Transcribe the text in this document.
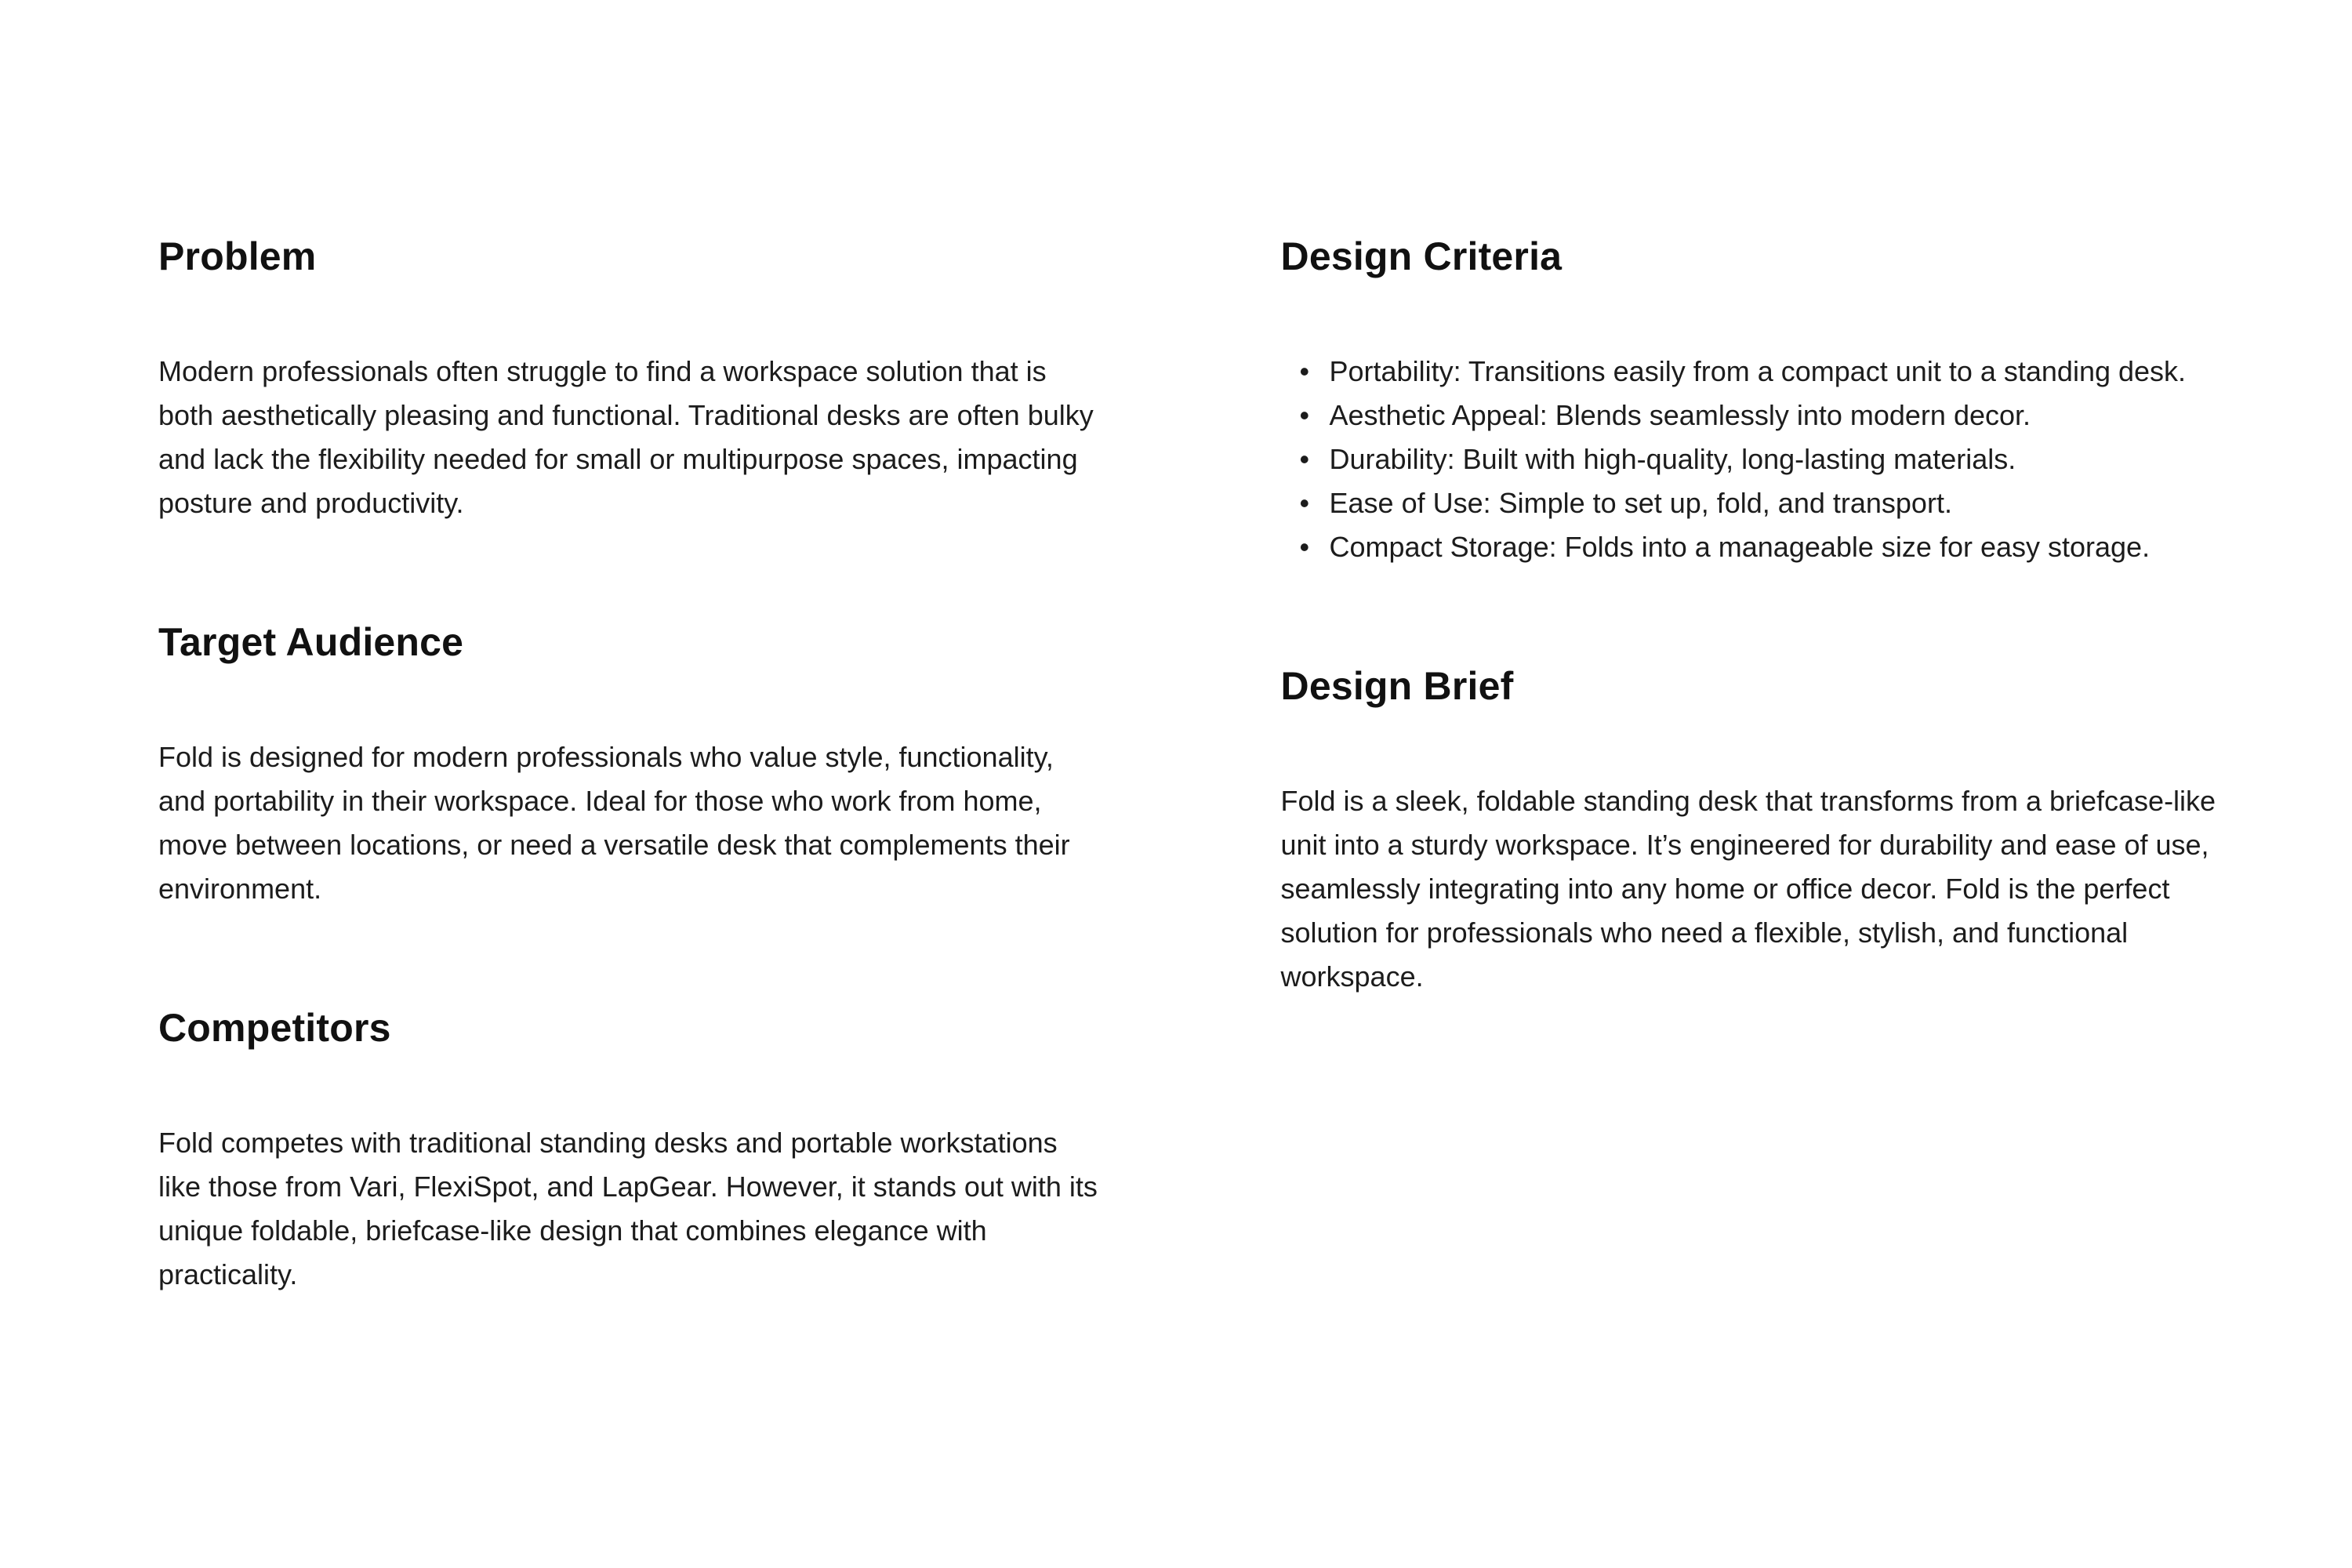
Problem

Modern professionals often struggle to find a workspace solution that is both aesthetically pleasing and functional. Traditional desks are often bulky and lack the flexibility needed for small or multipurpose spaces, impacting posture and productivity.

Target Audience

Fold is designed for modern professionals who value style, functionality, and portability in their workspace. Ideal for those who work from home, move between locations, or need a versatile desk that complements their environment.

Competitors

Fold competes with traditional standing desks and portable workstations like those from Vari, FlexiSpot, and LapGear. However, it stands out with its unique foldable, briefcase-like design that combines elegance with practicality.

Design Criteria
• Portability: Transitions easily from a compact unit to a standing desk.
• Aesthetic Appeal: Blends seamlessly into modern decor.
• Durability: Built with high-quality, long-lasting materials.
• Ease of Use: Simple to set up, fold, and transport.
• Compact Storage: Folds into a manageable size for easy storage.
Design Brief

Fold is a sleek, foldable standing desk that transforms from a briefcase-like unit into a sturdy workspace. It’s engineered for durability and ease of use, seamlessly integrating into any home or office decor. Fold is the perfect solution for professionals who need a flexible, stylish, and functional workspace.
